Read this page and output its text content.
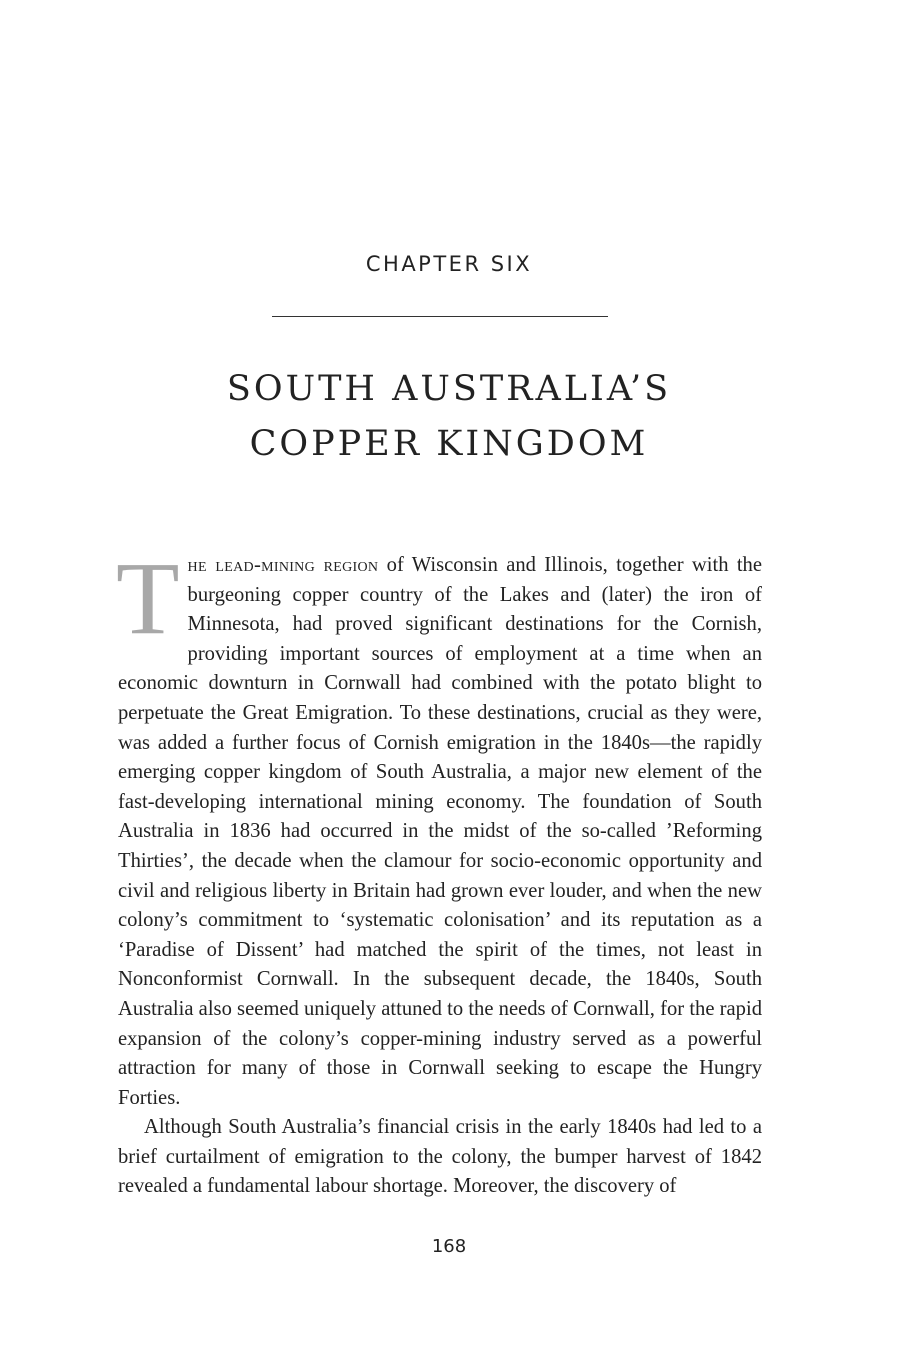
CHAPTER SIX
SOUTH AUSTRALIA’S
COPPER KINGDOM

The lead-mining region of Wisconsin and Illinois, together with the burgeoning copper country of the Lakes and (later) the iron of Minnesota, had proved significant destinations for the Cornish, providing important sources of employment at a time when an economic downturn in Cornwall had combined with the potato blight to perpetuate the Great Emigration. To these destinations, crucial as they were, was added a further focus of Cornish emigration in the 1840s—the rapidly emerging copper kingdom of South Australia, a major new element of the fast-developing international mining economy. The foundation of South Australia in 1836 had occurred in the midst of the so-called ’Reforming Thirties’, the decade when the clamour for socio-economic opportunity and civil and religious liberty in Britain had grown ever louder, and when the new colony’s commitment to ‘systematic colonisation’ and its reputation as a ‘Paradise of Dissent’ had matched the spirit of the times, not least in Nonconformist Cornwall. In the subsequent decade, the 1840s, South Australia also seemed uniquely attuned to the needs of Cornwall, for the rapid expansion of the colony’s copper-mining industry served as a powerful attraction for many of those in Cornwall seeking to escape the Hungry Forties.

Although South Australia’s financial crisis in the early 1840s had led to a brief curtailment of emigration to the colony, the bumper harvest of 1842 revealed a fundamental labour shortage. Moreover, the discovery of

168
